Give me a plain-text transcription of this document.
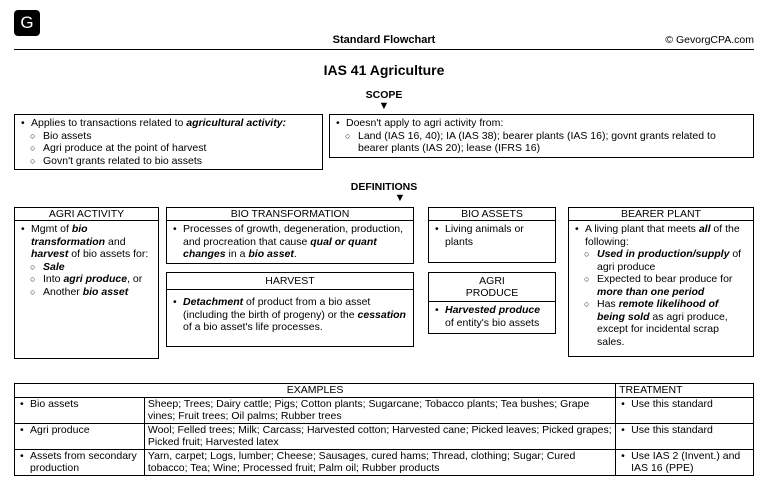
G
Standard Flowchart	© GevorgCPA.com
IAS 41 Agriculture
SCOPE
▼
• Applies to transactions related to agricultural activity:
○ Bio assets
○ Agri produce at the point of harvest
○ Govn't grants related to bio assets
• Doesn't apply to agri activity from:
○ Land (IAS 16, 40); IA (IAS 38); bearer plants (IAS 16); govnt grants related to bearer plants (IAS 20); lease (IFRS 16)
DEFINITIONS
▼
AGRI ACTIVITY
• Mgmt of bio transformation and harvest of bio assets for:
○ Sale
○ Into agri produce, or
○ Another bio asset
BIO TRANSFORMATION
• Processes of growth, degeneration, production, and procreation that cause qual or quant changes in a bio asset.
HARVEST
• Detachment of product from a bio asset (including the birth of progeny) or the cessation of a bio asset's life processes.
BIO ASSETS
• Living animals or plants
AGRI
PRODUCE
• Harvested produce of entity's bio assets
BEARER PLANT
• A living plant that meets all of the following:
○ Used in production/supply of agri produce
○ Expected to bear produce for more than one period
○ Has remote likelihood of being sold as agri produce, except for incidental scrap sales.
EXAMPLES		TREATMENT

• Bio assets	Sheep; Trees; Dairy cattle; Pigs; Cotton plants; Sugarcane; Tobacco plants; Tea bushes; Grape vines; Fruit trees; Oil palms; Rubber trees	• Use this standard

• Agri produce	Wool; Felled trees; Milk; Carcass; Harvested cotton; Harvested cane; Picked leaves; Picked grapes; Picked fruit; Harvested latex	• Use this standard

• Assets from secondary production	Yarn, carpet; Logs, lumber; Cheese; Sausages, cured hams; Thread, clothing; Sugar; Cured tobacco; Tea; Wine; Processed fruit; Palm oil; Rubber products	• Use IAS 2 (Invent.) and IAS 16 (PPE)
